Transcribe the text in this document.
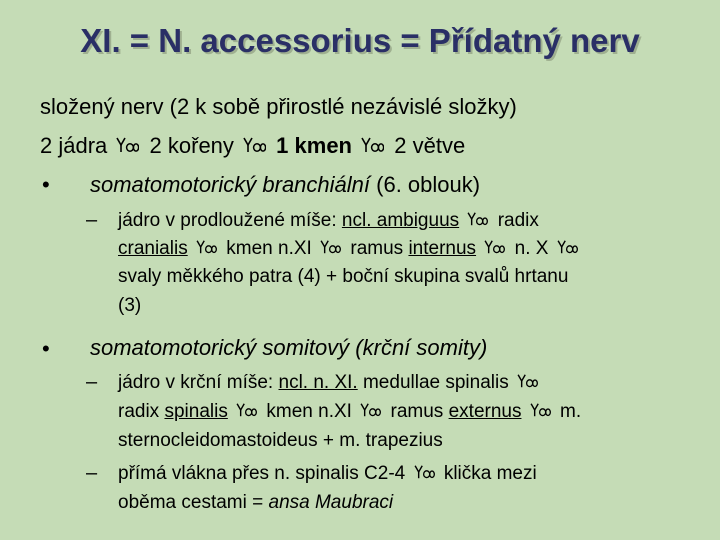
XI. = N. accessorius = Přídatný nerv
složený nerv (2 k sobě přirostlé nezávislé složky)
2 jádra 2 kořeny 1 kmen 2 větve
• somatomotorický branchiální (6. oblouk)
– jádro v prodloužené míše: ncl. ambiguus radix
cranialis kmen n.XI ramus internus n. X
svaly měkkého patra (4) + boční skupina svalů hrtanu
(3)
• somatomotorický somitový (krční somity)
– jádro v krční míše: ncl. n. XI. medullae spinalis
radix spinalis kmen n.XI ramus externus m.
sternocleidomastoideus + m. trapezius
– přímá vlákna přes n. spinalis C2-4 klička mezi
oběma cestami = ansa Maubraci
